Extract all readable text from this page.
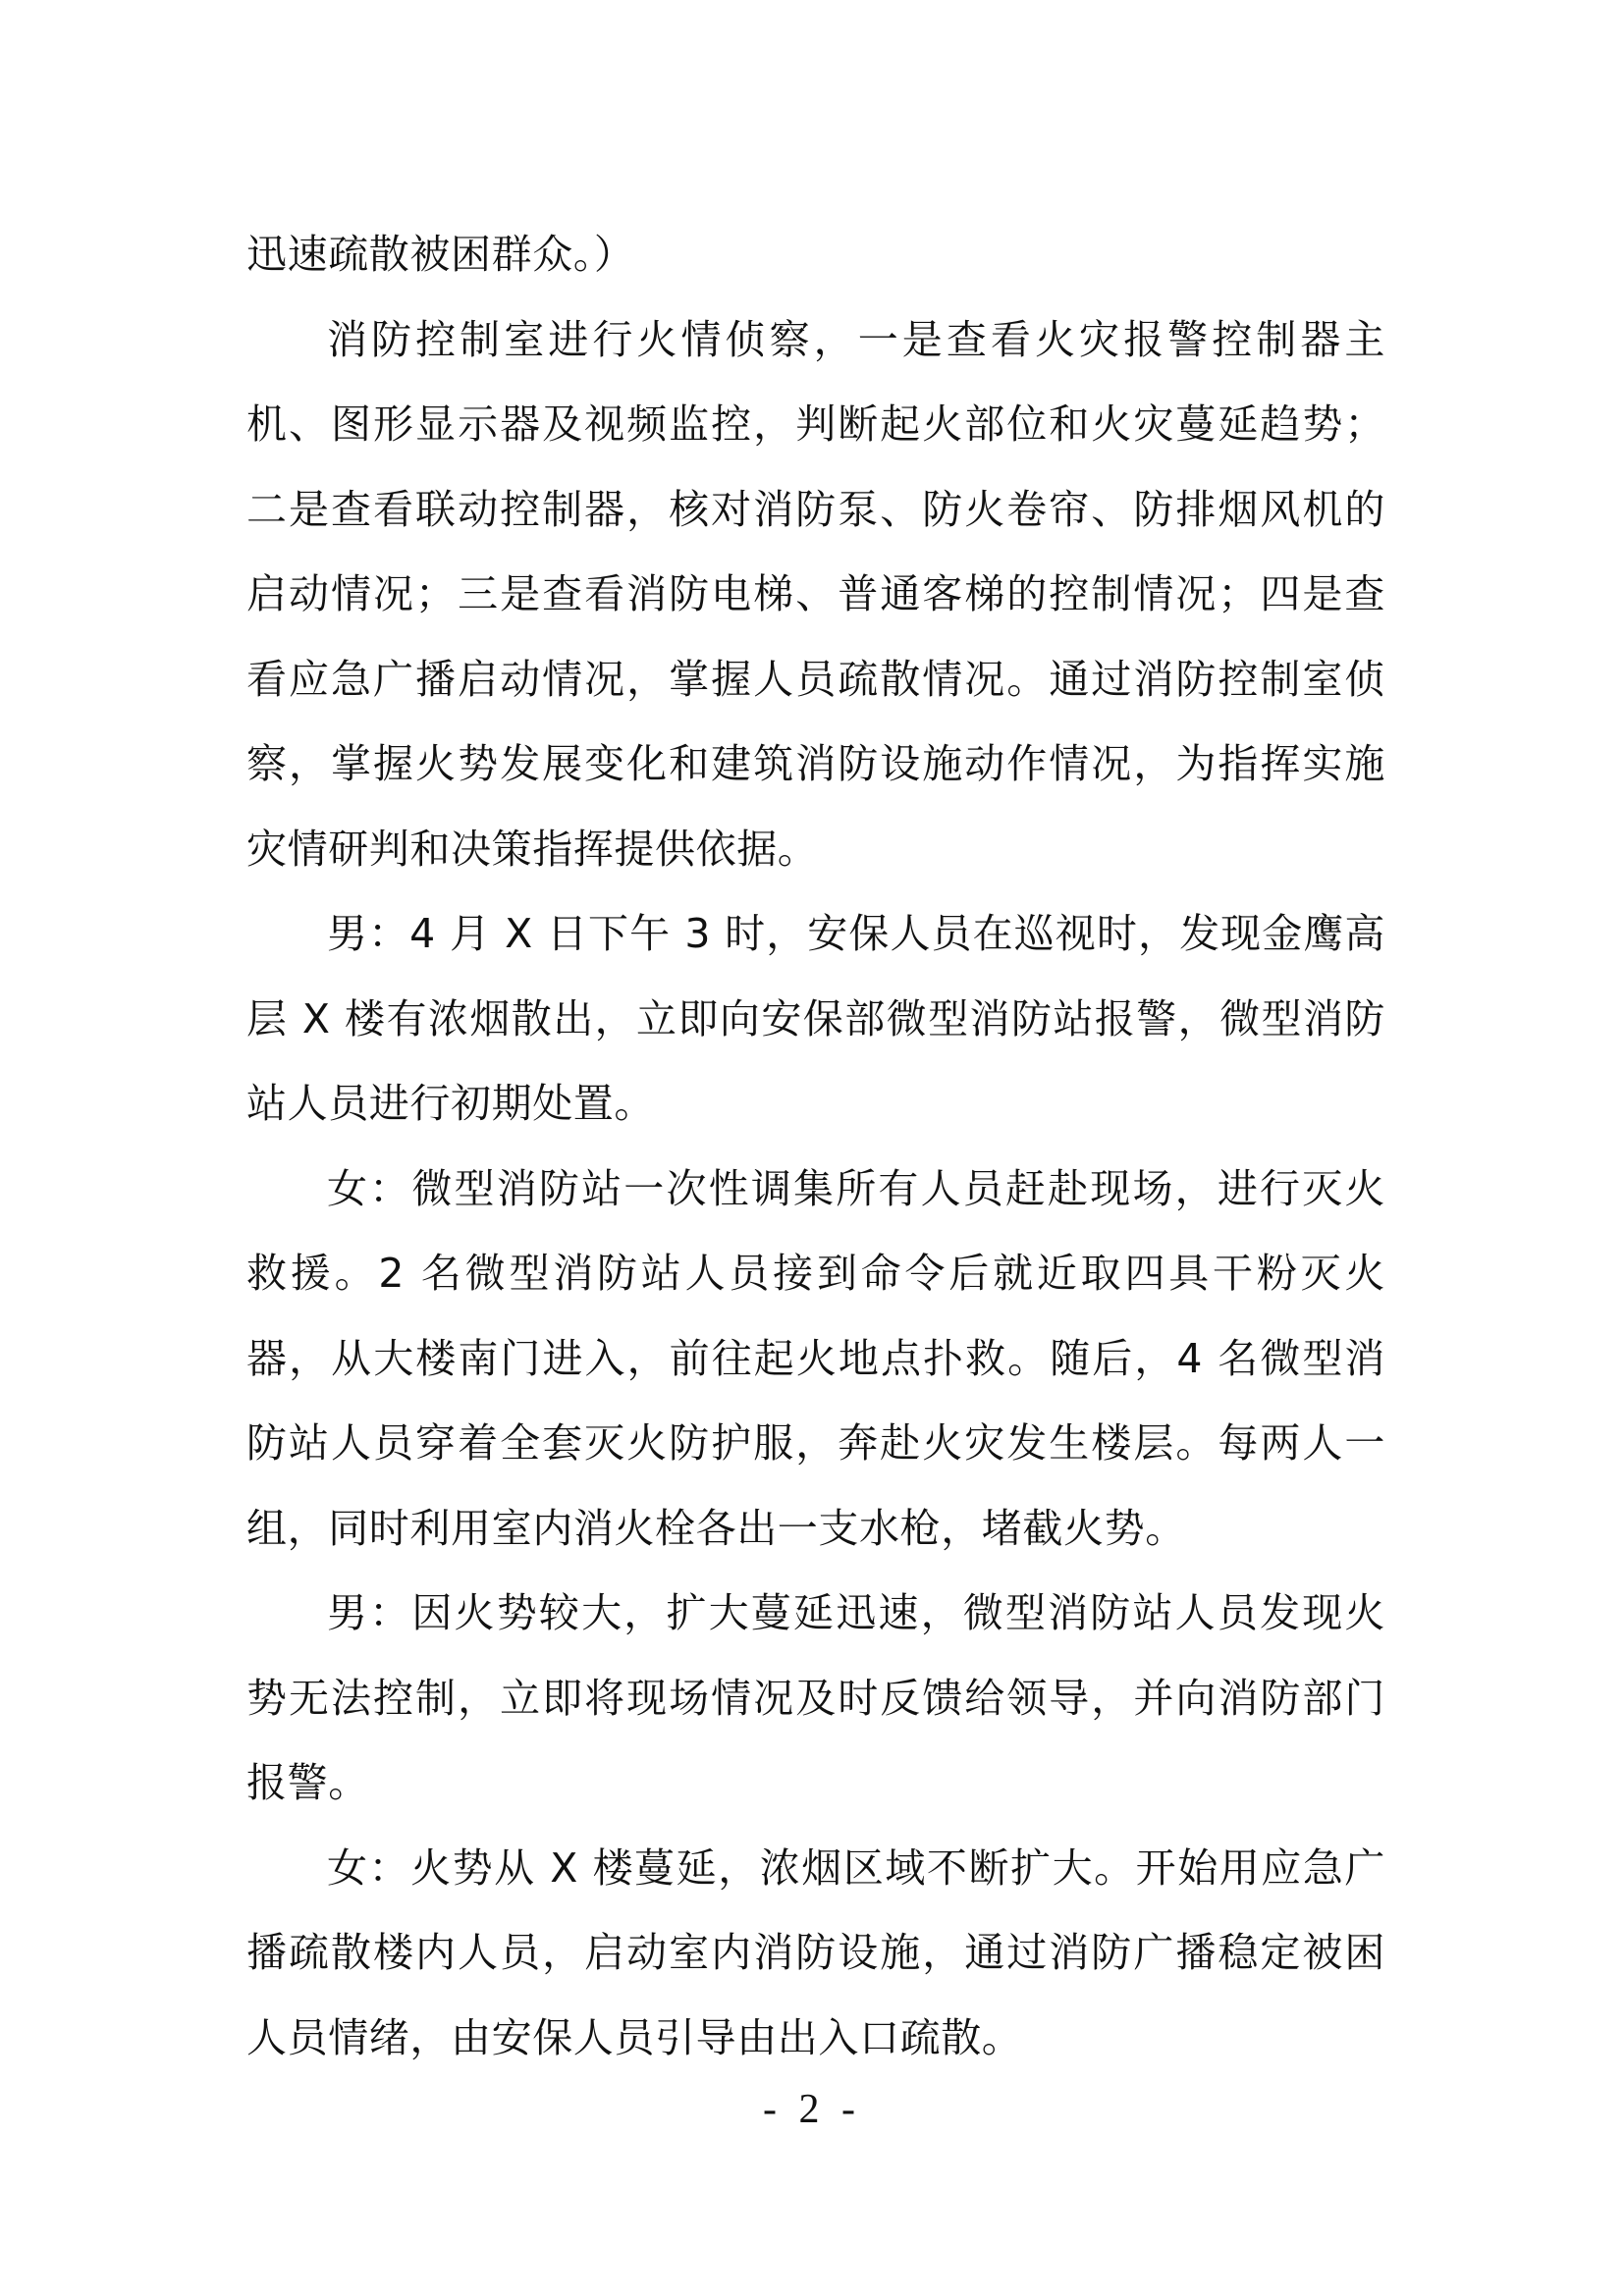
迅速疏散被困群众。）

消防控制室进行火情侦察，一是查看火灾报警控制器主机、图形显示器及视频监控，判断起火部位和火灾蔓延趋势；二是查看联动控制器，核对消防泵、防火卷帘、防排烟风机的启动情况；三是查看消防电梯、普通客梯的控制情况；四是查看应急广播启动情况，掌握人员疏散情况。通过消防控制室侦察，掌握火势发展变化和建筑消防设施动作情况，为指挥实施灾情研判和决策指挥提供依据。

男：4 月 X 日下午 3 时，安保人员在巡视时，发现金鹰高层 X 楼有浓烟散出，立即向安保部微型消防站报警，微型消防站人员进行初期处置。

女：微型消防站一次性调集所有人员赶赴现场，进行灭火救援。2 名微型消防站人员接到命令后就近取四具干粉灭火器，从大楼南门进入，前往起火地点扑救。随后，4 名微型消防站人员穿着全套灭火防护服，奔赴火灾发生楼层。每两人一组，同时利用室内消火栓各出一支水枪，堵截火势。

男：因火势较大，扩大蔓延迅速，微型消防站人员发现火势无法控制，立即将现场情况及时反馈给领导，并向消防部门报警。

女：火势从 X 楼蔓延，浓烟区域不断扩大。开始用应急广播疏散楼内人员，启动室内消防设施，通过消防广播稳定被困人员情绪，由安保人员引导由出入口疏散。

- 2 -
